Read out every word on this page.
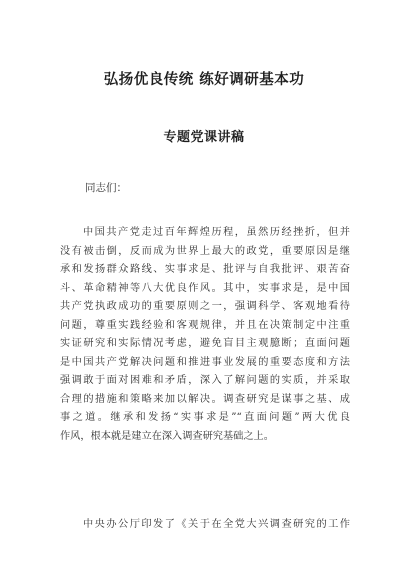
弘扬优良传统 练好调研基本功
专题党课讲稿
同志们：
中国共产党走过百年辉煌历程，虽然历经挫折，但并
没有被击倒，反而成为世界上最大的政党，重要原因是继
承和发扬群众路线、实事求是、批评与自我批评、艰苦奋
斗、革命精神等八大优良作风。其中，实事求是，是中国
共产党执政成功的重要原则之一，强调科学、客观地看待
问题，尊重实践经验和客观规律，并且在决策制定中注重
实证研究和实际情况考虑，避免盲目主观臆断；直面问题
是中国共产党解决问题和推进事业发展的重要态度和方法
强调敢于面对困难和矛盾，深入了解问题的实质，并采取
合理的措施和策略来加以解决。调查研究是谋事之基、成
事之道。继承和发扬“实事求是”“直面问题”两大优良
作风，根本就是建立在深入调查研究基础之上。
中央办公厅印发了《关于在全党大兴调查研究的工作
